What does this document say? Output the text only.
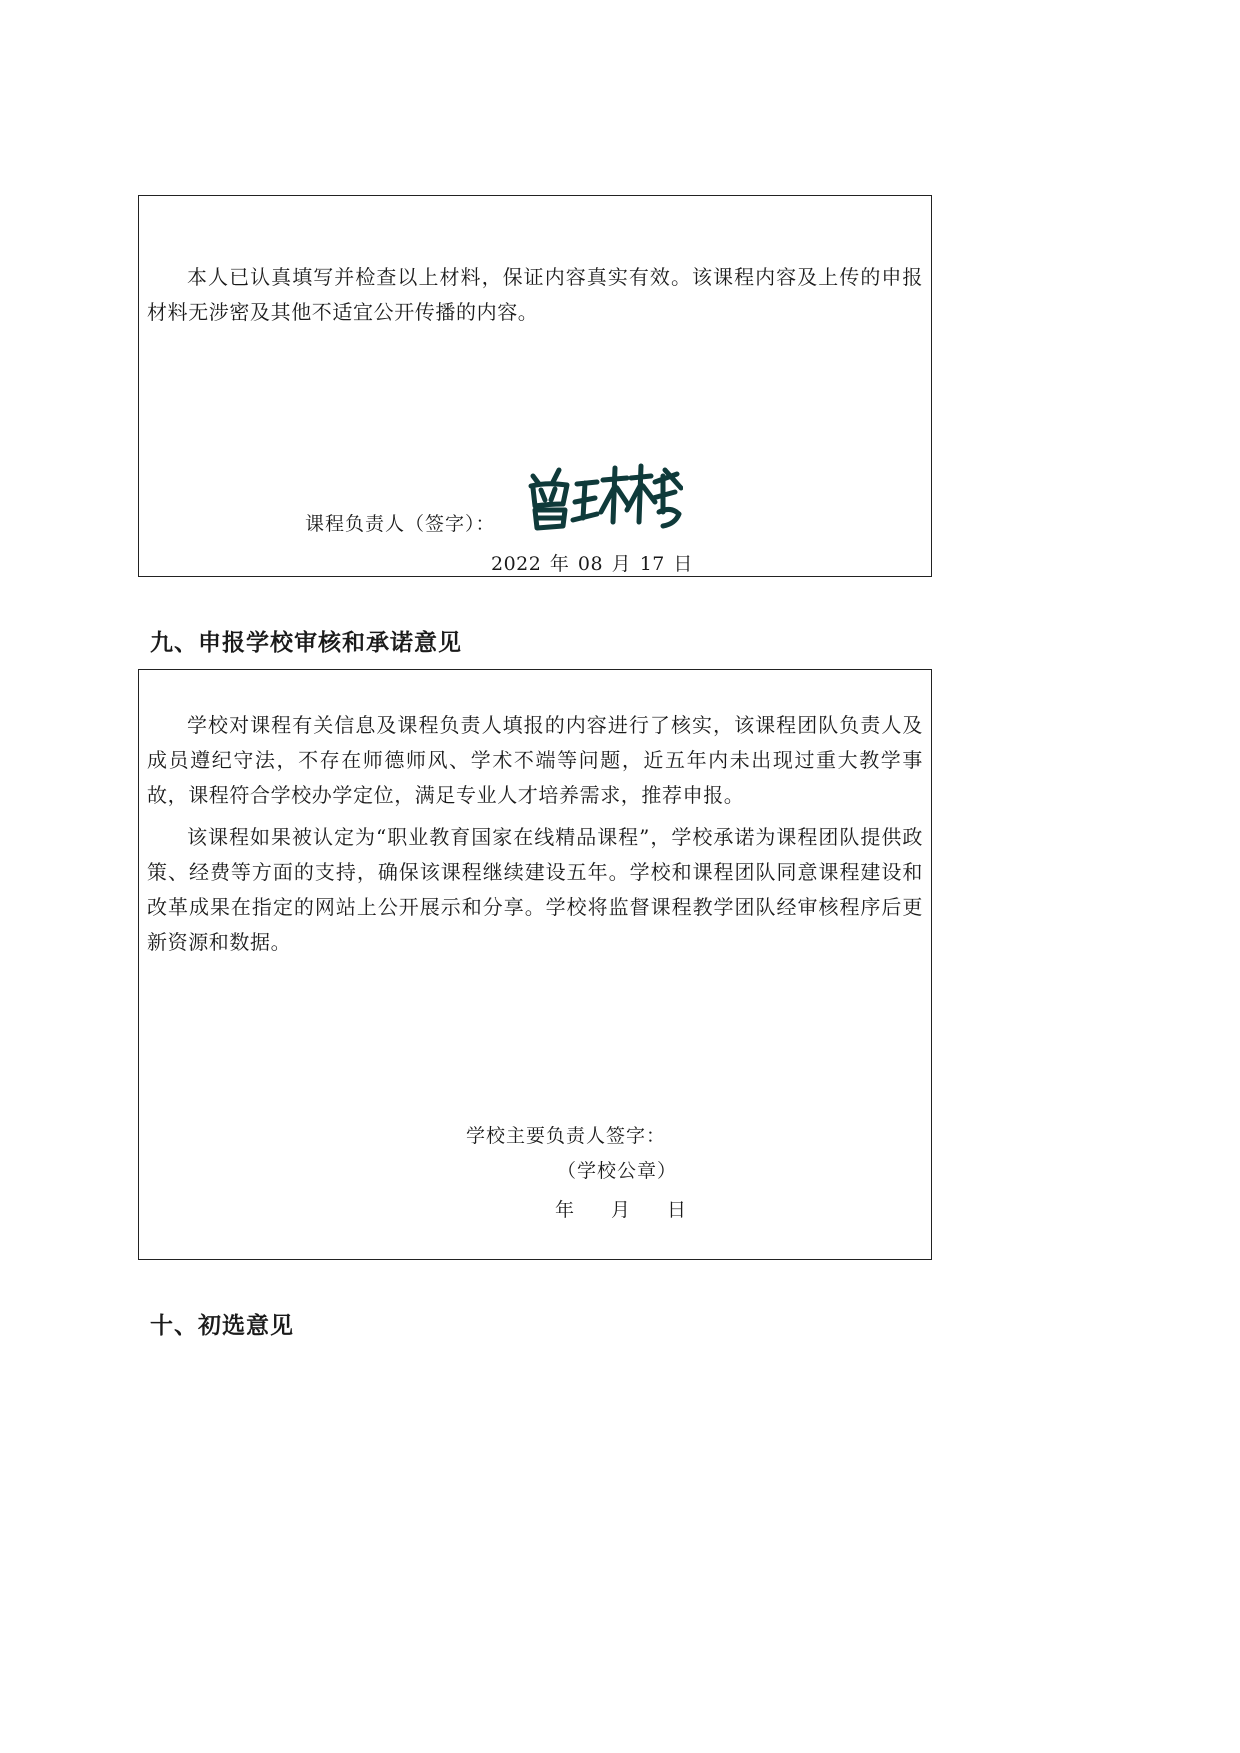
本人已认真填写并检查以上材料，保证内容真实有效。该课程内容及上传的申报材料无涉密及其他不适宜公开传播的内容。

课程负责人（签字）：
2022 年 08 月 17 日
九、申报学校审核和承诺意见

学校对课程有关信息及课程负责人填报的内容进行了核实，该课程团队负责人及成员遵纪守法，不存在师德师风、学术不端等问题，近五年内未出现过重大教学事故，课程符合学校办学定位，满足专业人才培养需求，推荐申报。

该课程如果被认定为“职业教育国家在线精品课程”，学校承诺为课程团队提供政策、经费等方面的支持，确保该课程继续建设五年。学校和课程团队同意课程建设和改革成果在指定的网站上公开展示和分享。学校将监督课程教学团队经审核程序后更新资源和数据。

学校主要负责人签字：
（学校公章）
年 月 日
十、初选意见
